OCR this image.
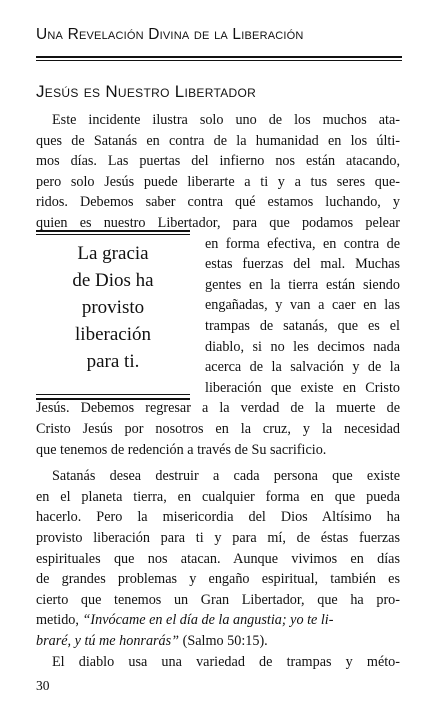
Una Revelación Divina de la Liberación
Jesús es Nuestro Libertador
Este incidente ilustra solo uno de los muchos ata-
ques de Satanás en contra de la humanidad en los últi-
mos días. Las puertas del infierno nos están atacando,
pero solo Jesús puede liberarte a ti y a tus seres que-
ridos. Debemos saber contra qué estamos luchando, y
quien es nuestro Libertador, para que podamos pelear
La gracia
de Dios ha
provisto
liberación
para ti.
en forma efectiva, en contra de
estas fuerzas del mal. Muchas
gentes en la tierra están siendo
engañadas, y van a caer en las
trampas de satanás, que es el
diablo, si no les decimos nada
acerca de la salvación y de la
liberación que existe en Cristo
Jesús. Debemos regresar a la verdad de la muerte de
Cristo Jesús por nosotros en la cruz, y la necesidad
que tenemos de redención a través de Su sacrificio.
Satanás desea destruir a cada persona que existe
en el planeta tierra, en cualquier forma en que pueda
hacerlo. Pero la misericordia del Dios Altísimo ha
provisto liberación para ti y para mí, de éstas fuerzas
espirituales que nos atacan. Aunque vivimos en días
de grandes problemas y engaño espiritual, también es
cierto que tenemos un Gran Libertador, que ha pro-
metido, “Invócame en el día de la angustia; yo te li-
braré, y tú me honrarás” (Salmo 50:15).
El diablo usa una variedad de trampas y méto-
30
